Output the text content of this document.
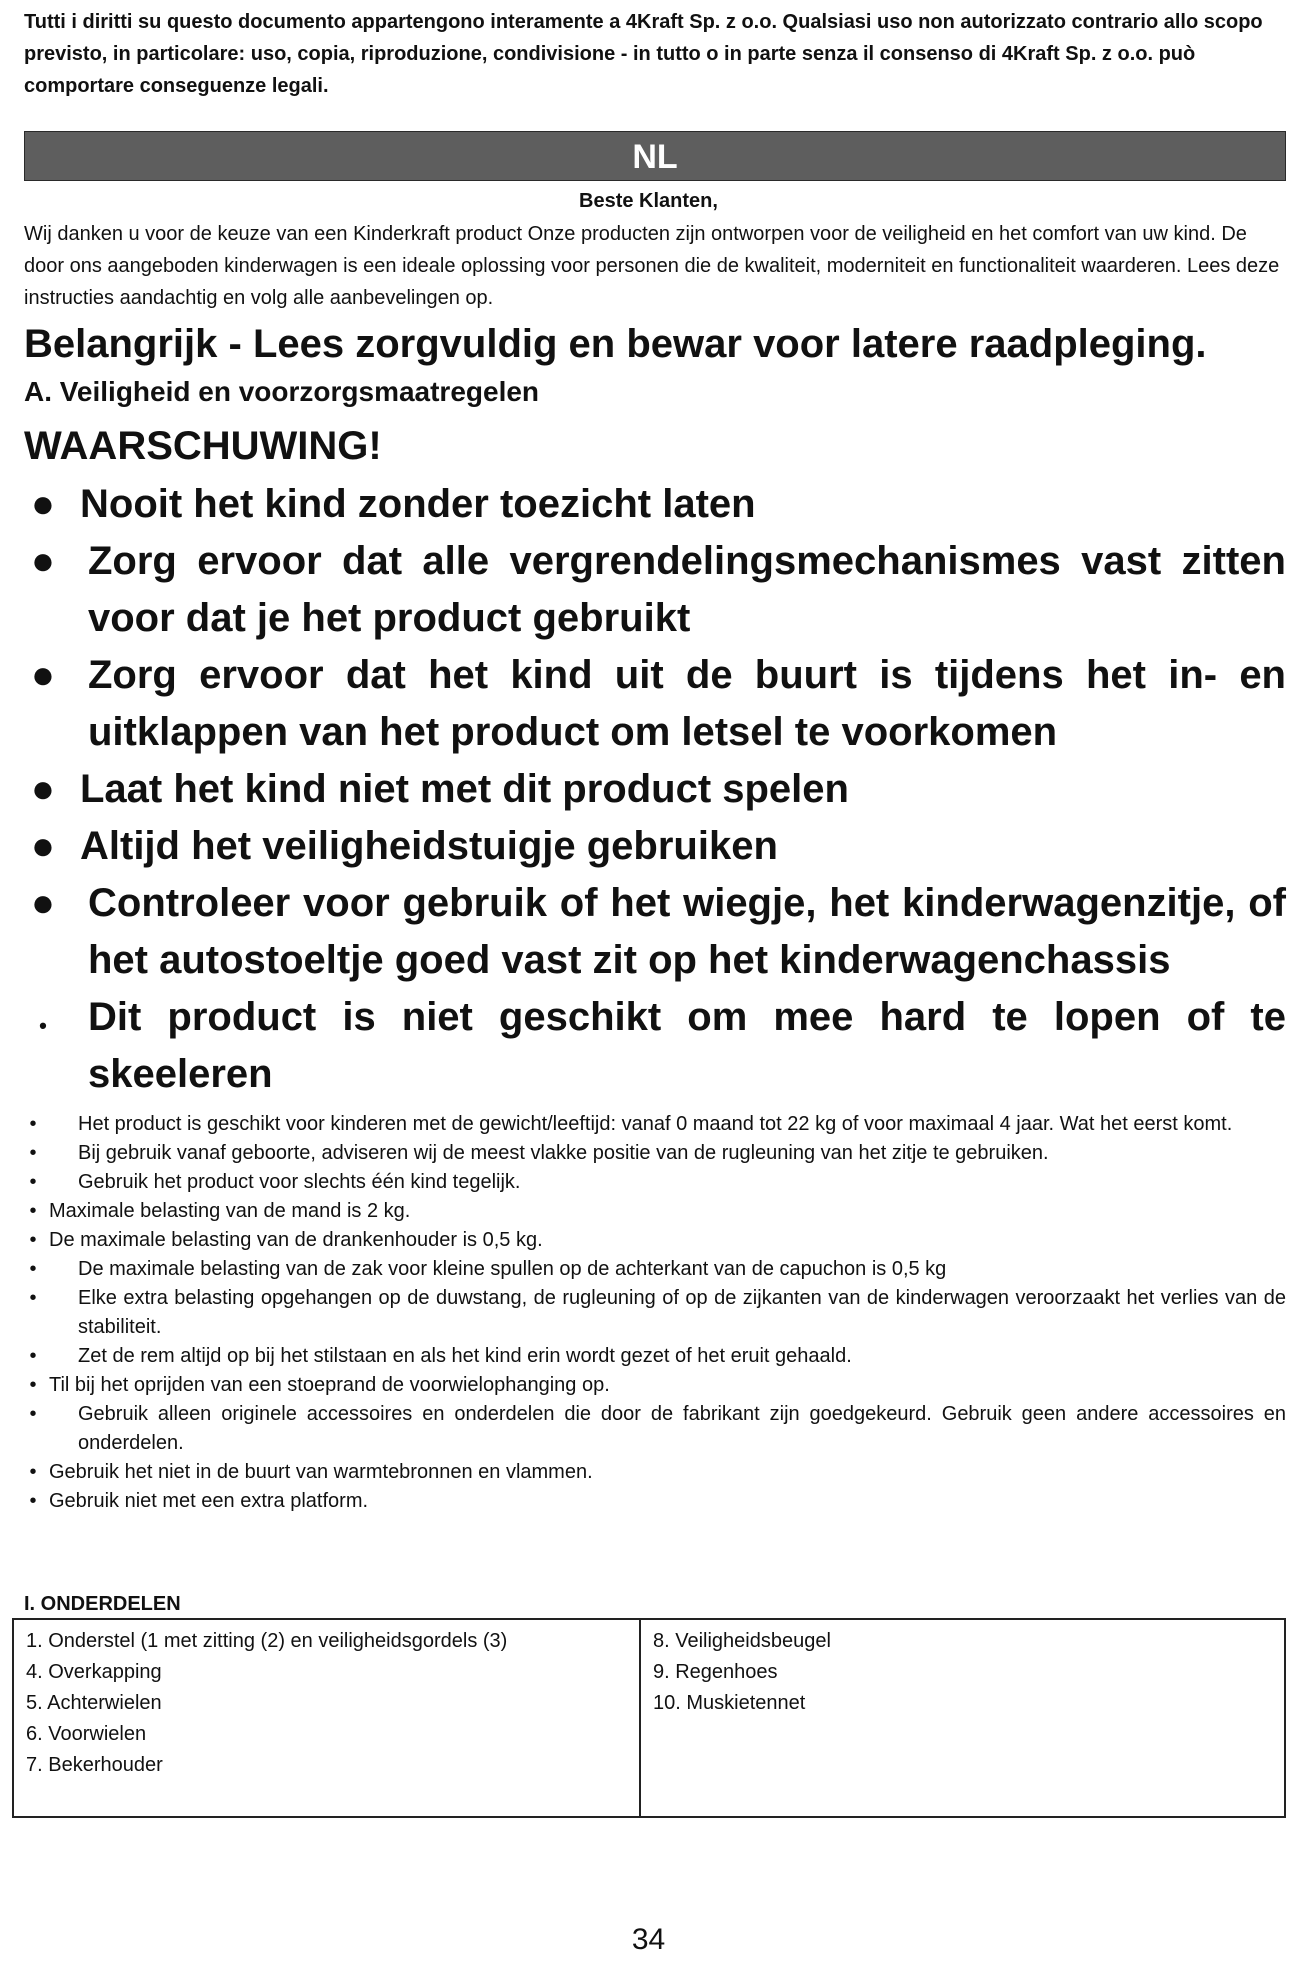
Tutti i diritti su questo documento appartengono interamente a 4Kraft Sp. z o.o. Qualsiasi uso non autorizzato contrario allo scopo previsto, in particolare: uso, copia, riproduzione, condivisione - in tutto o in parte senza il consenso di 4Kraft Sp. z o.o. può comportare conseguenze legali.

NL

Beste Klanten,

Wij danken u voor de keuze van een Kinderkraft product Onze producten zijn ontworpen voor de veiligheid en het comfort van uw kind. De door ons aangeboden kinderwagen is een ideale oplossing voor personen die de kwaliteit, moderniteit en functionaliteit waarderen. Lees deze instructies aandachtig en volg alle aanbevelingen op.

Belangrijk - Lees zorgvuldig en bewar voor latere raadpleging.
A. Veiligheid en voorzorgsmaatregelen
WAARSCHUWING!
● Nooit het kind zonder toezicht laten
● Zorg ervoor dat alle vergrendelingsmechanismes vast zitten voor dat je het product gebruikt
● Zorg ervoor dat het kind uit de buurt is tijdens het in- en uitklappen van het product om letsel te voorkomen
● Laat het kind niet met dit product spelen
● Altijd het veiligheidstuigje gebruiken
● Controleer voor gebruik of het wiegje, het kinderwagenzitje, of het autostoeltje goed vast zit op het kinderwagenchassis
• Dit product is niet geschikt om mee hard te lopen of te skeeleren
• Het product is geschikt voor kinderen met de gewicht/leeftijd: vanaf 0 maand tot 22 kg of voor maximaal 4 jaar. Wat het eerst komt.
• Bij gebruik vanaf geboorte, adviseren wij de meest vlakke positie van de rugleuning van het zitje te gebruiken.
• Gebruik het product voor slechts één kind tegelijk.
• Maximale belasting van de mand is 2 kg.
• De maximale belasting van de drankenhouder is 0,5 kg.
• De maximale belasting van de zak voor kleine spullen op de achterkant van de capuchon is 0,5 kg
• Elke extra belasting opgehangen op de duwstang, de rugleuning of op de zijkanten van de kinderwagen veroorzaakt het verlies van de stabiliteit.
• Zet de rem altijd op bij het stilstaan en als het kind erin wordt gezet of het eruit gehaald.
• Til bij het oprijden van een stoeprand de voorwielophanging op.
• Gebruik alleen originele accessoires en onderdelen die door de fabrikant zijn goedgekeurd. Gebruik geen andere accessoires en onderdelen.
• Gebruik het niet in de buurt van warmtebronnen en vlammen.
• Gebruik niet met een extra platform.

I. ONDERDELEN

1. Onderstel (1 met zitting (2) en veiligheidsgordels (3)
4. Overkapping
5. Achterwielen
6. Voorwielen
7. Bekerhouder
8. Veiligheidsbeugel
9. Regenhoes
10. Muskietennet

34
